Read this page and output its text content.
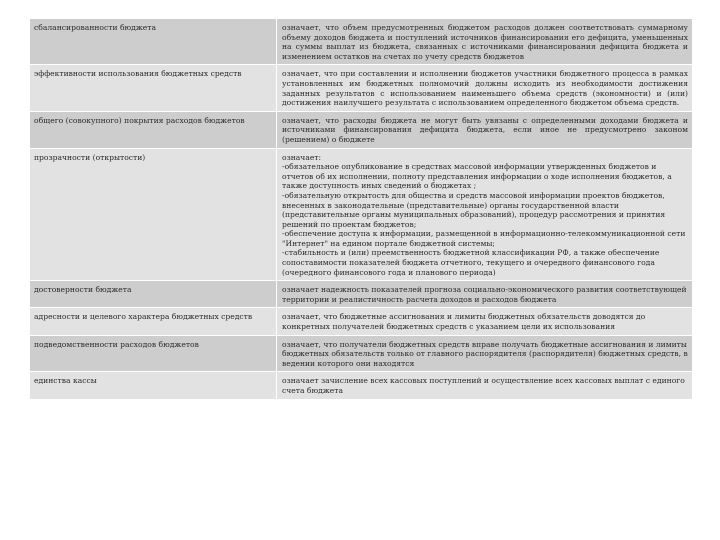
сбалансированности бюджета	означает, что объем предусмотренных бюджетом расходов должен соответствовать суммарному объему доходов бюджета и поступлений источников финансирования его дефицита, уменьшенных на суммы выплат из бюджета, связанных с источниками финансирования дефицита бюджета и изменением остатков на счетах по учету средств бюджетов
эффективности использования бюджетных средств	означает, что при составлении и исполнении бюджетов участники бюджетного процесса в рамках установленных им бюджетных полномочий должны исходить из необходимости достижения заданных результатов с использованием наименьшего объема средств (экономности) и (или) достижения наилучшего результата с использованием определенного бюджетом объема средств.
общего (совокупного) покрытия расходов бюджетов	означает, что расходы бюджета не могут быть увязаны с определенными доходами бюджета и источниками финансирования дефицита бюджета, если иное не предусмотрено законом (решением) о бюджете
прозрачности (открытости)	означает:
-обязательное опубликование в средствах массовой информации утвержденных бюджетов и отчетов об их исполнении, полноту представления информации о ходе исполнения бюджетов, а также доступность иных сведений о бюджетах ;
-обязательную открытость для общества и средств массовой информации проектов бюджетов, внесенных в законодательные (представительные) органы государственной власти (представительные органы муниципальных образований), процедур рассмотрения и принятия решений по проектам бюджетов;
-обеспечение доступа к информации, размещенной в информационно-телекоммуникационной сети "Интернет" на едином портале бюджетной системы;
-стабильность и (или) преемственность бюджетной классификации РФ, а также обеспечение сопоставимости показателей бюджета отчетного, текущего и очередного финансового года (очередного финансового года и планового периода)

достоверности бюджета	означает надежность показателей прогноза социально-экономического развития соответствующей территории и реалистичность расчета доходов и расходов бюджета
адресности и целевого характера бюджетных средств	означает, что бюджетные ассигнования и лимиты бюджетных обязательств доводятся до конкретных получателей бюджетных средств с указанием цели их использования
подведомственности расходов бюджетов	означает, что получатели бюджетных средств вправе получать бюджетные ассигнования и лимиты бюджетных обязательств только от главного распорядителя (распорядителя) бюджетных средств, в ведении которого они находятся
единства кассы	означает зачисление всех кассовых поступлений и осуществление всех кассовых выплат с единого счета бюджета
